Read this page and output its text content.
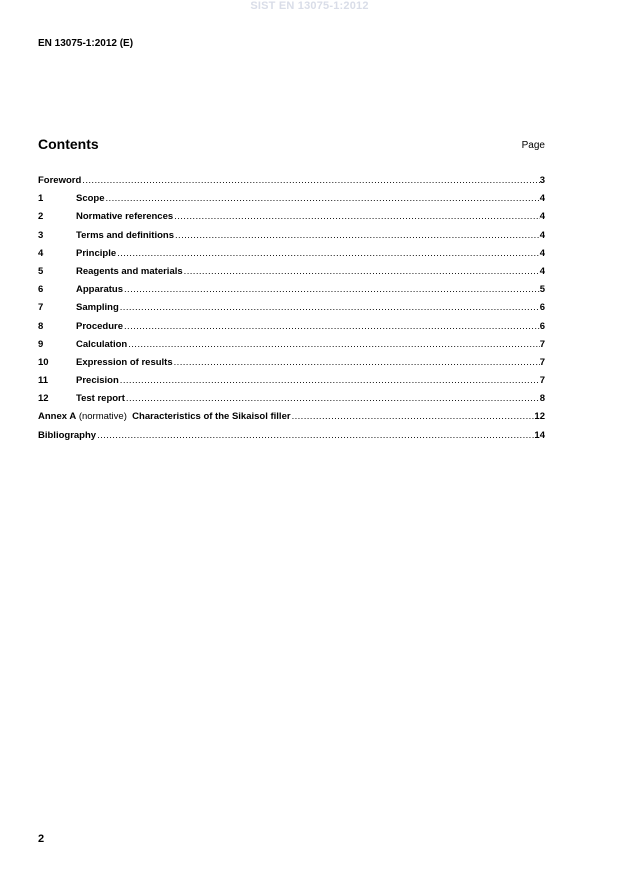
SIST EN 13075-1:2012
EN 13075-1:2012 (E)
Contents	Page
Foreword .....	3
1	Scope .....	4
2	Normative references .....	4
3	Terms and definitions .....	4
4	Principle .....	4
5	Reagents and materials .....	4
6	Apparatus .....	5
7	Sampling .....	6
8	Procedure .....	6
9	Calculation .....	7
10	Expression of results .....	7
11	Precision .....	7
12	Test report .....	8
Annex A (normative) Characteristics of the Sikaisol filler .....	12
Bibliography .....	14
2
